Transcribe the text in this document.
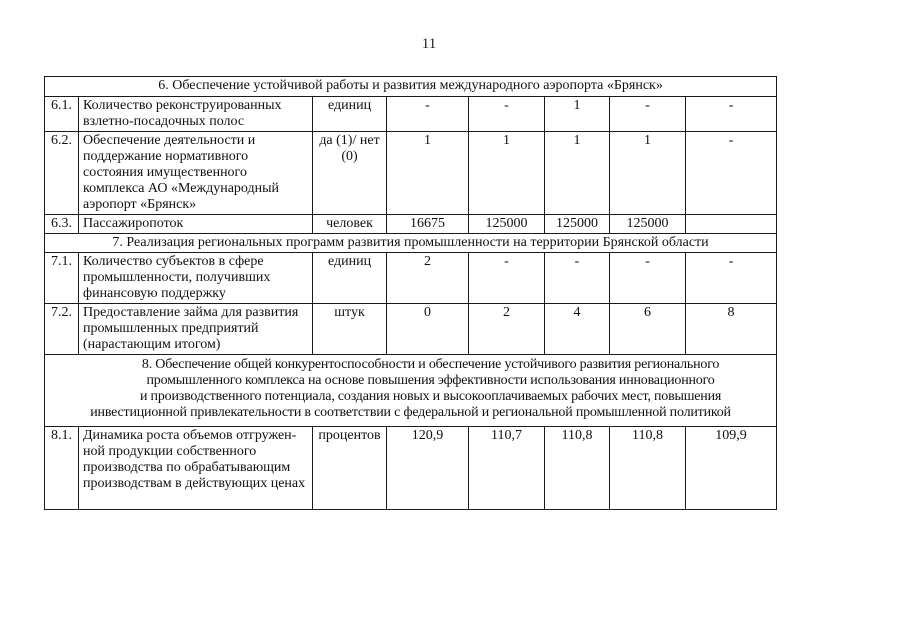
11
6. Обеспечение устойчивой работы и развития международного аэропорта «Брянск»							
6.1.	Количество реконструированных взлетно-посадочных полос	единиц	-	-	1	-	-
6.2.	Обеспечение деятельности и поддержание нормативного состояния имущественного комплекса АО «Международный аэропорт «Брянск»	да (1)/ нет (0)	1	1	1	1	-
6.3.	Пассажиропоток	человек	16675	125000	125000	125000	
7. Реализация региональных программ развития промышленности на территории Брянской области							
7.1.	Количество субъектов в сфере промышленности, получивших финансовую поддержку	единиц	2	-	-	-	-
7.2.	Предоставление займа для развития промышленных предприятий (нарастающим итогом)	штук	0	2	4	6	8

8. Обеспечение общей конкурентоспособности и обеспечение устойчивого развития регионального
промышленного комплекса на основе повышения эффективности использования инновационного
и производственного потенциала, создания новых и высокооплачиваемых рабочих мест, повышения
инвестиционной привлекательности в соответствии с федеральной и региональной промышленной политикой							

8.1.	Динамика роста объемов отгружен-ной продукции собственного производства по обрабатывающим производствам в действующих ценах	процентов	120,9	110,7	110,8	110,8	109,9
